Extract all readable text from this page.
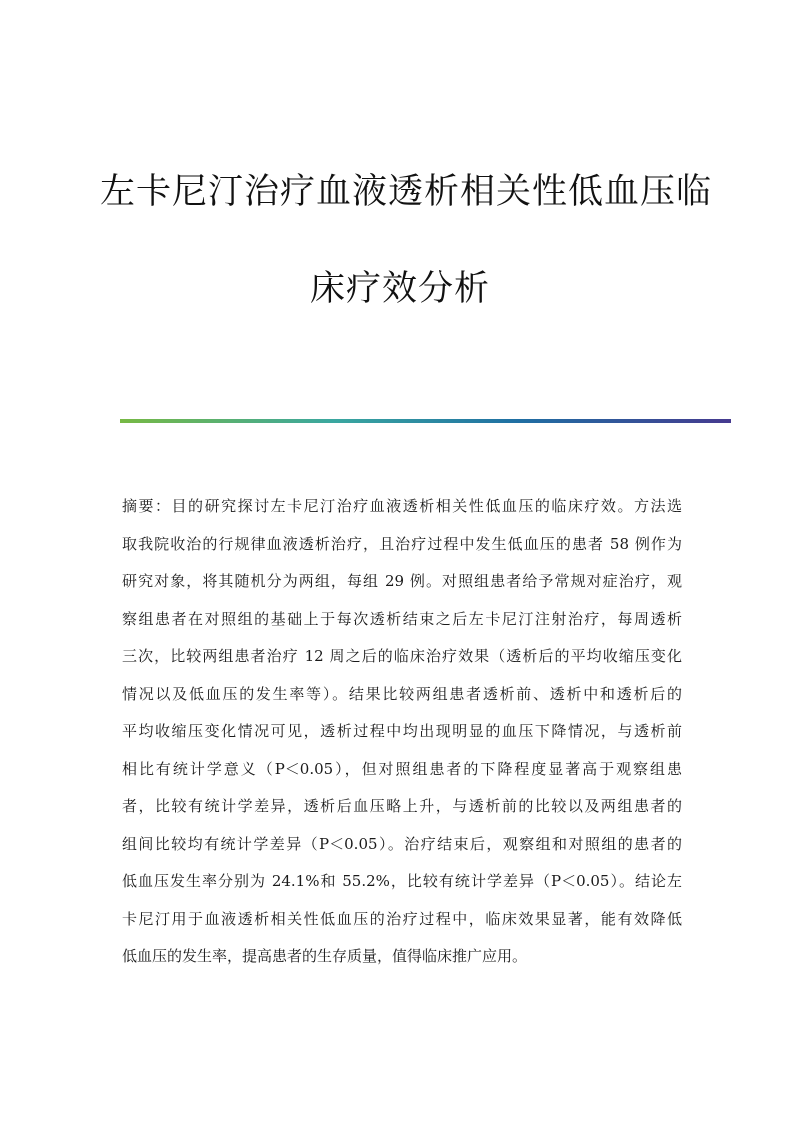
左卡尼汀治疗血液透析相关性低血压临
床疗效分析
摘要：目的研究探讨左卡尼汀治疗血液透析相关性低血压的临床疗效。方法选
取我院收治的行规律血液透析治疗，且治疗过程中发生低血压的患者 58 例作为
研究对象，将其随机分为两组，每组 29 例。对照组患者给予常规对症治疗，观
察组患者在对照组的基础上于每次透析结束之后左卡尼汀注射治疗，每周透析
三次，比较两组患者治疗 12 周之后的临床治疗效果（透析后的平均收缩压变化
情况以及低血压的发生率等）。结果比较两组患者透析前、透析中和透析后的
平均收缩压变化情况可见，透析过程中均出现明显的血压下降情况，与透析前
相比有统计学意义（P＜0.05），但对照组患者的下降程度显著高于观察组患
者，比较有统计学差异，透析后血压略上升，与透析前的比较以及两组患者的
组间比较均有统计学差异（P＜0.05）。治疗结束后，观察组和对照组的患者的
低血压发生率分别为 24.1%和 55.2%，比较有统计学差异（P＜0.05）。结论左
卡尼汀用于血液透析相关性低血压的治疗过程中，临床效果显著，能有效降低
低血压的发生率，提高患者的生存质量，值得临床推广应用。
